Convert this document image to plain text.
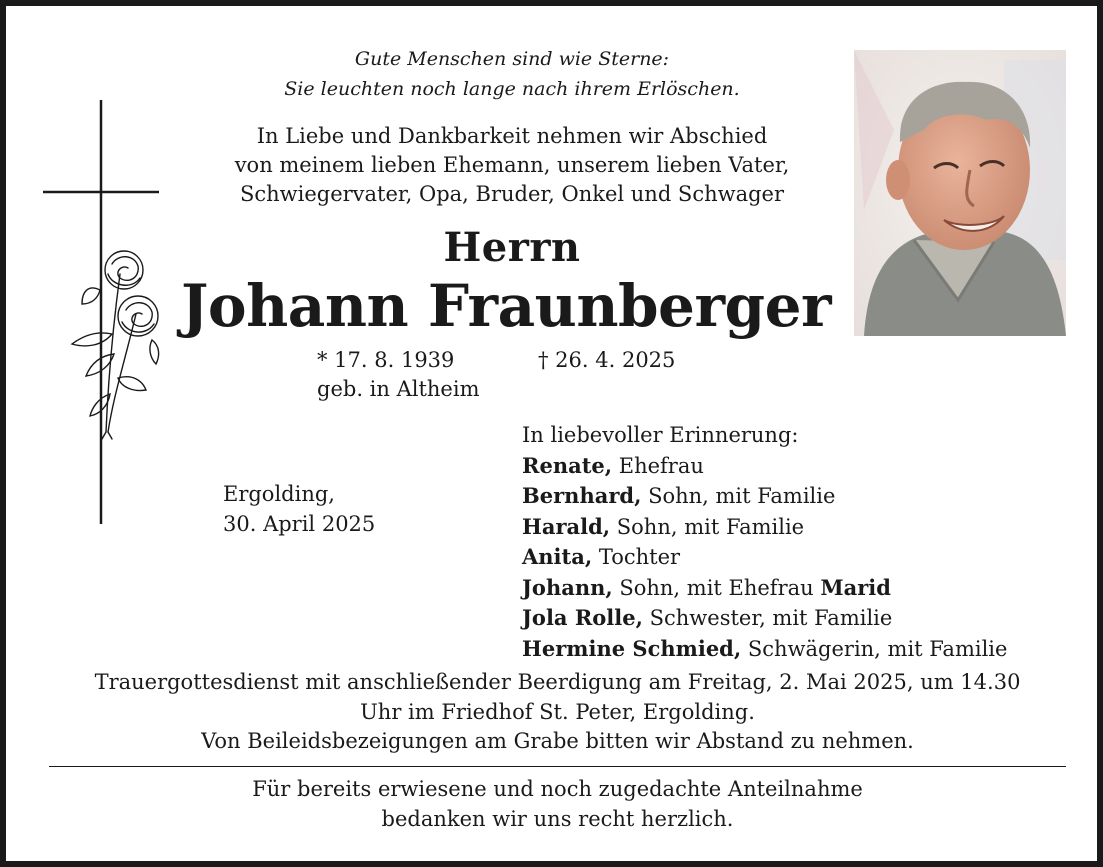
Gute Menschen sind wie Sterne:
Sie leuchten noch lange nach ihrem Erlöschen.
In Liebe und Dankbarkeit nehmen wir Abschied
von meinem lieben Ehemann, unserem lieben Vater,
Schwiegervater, Opa, Bruder, Onkel und Schwager
Herrn
Johann Fraunberger
* 17. 8. 1939	† 26. 4. 2025
geb. in Altheim
Ergolding,
30. April 2025
In liebevoller Erinnerung:
Renate, Ehefrau
Bernhard, Sohn, mit Familie
Harald, Sohn, mit Familie
Anita, Tochter
Johann, Sohn, mit Ehefrau Marid
Jola Rolle, Schwester, mit Familie
Hermine Schmied, Schwägerin, mit Familie
Trauergottesdienst mit anschließender Beerdigung am Freitag, 2. Mai 2025, um 14.30
Uhr im Friedhof St. Peter, Ergolding.
Von Beileidsbezeigungen am Grabe bitten wir Abstand zu nehmen.
Für bereits erwiesene und noch zugedachte Anteilnahme
bedanken wir uns recht herzlich.
